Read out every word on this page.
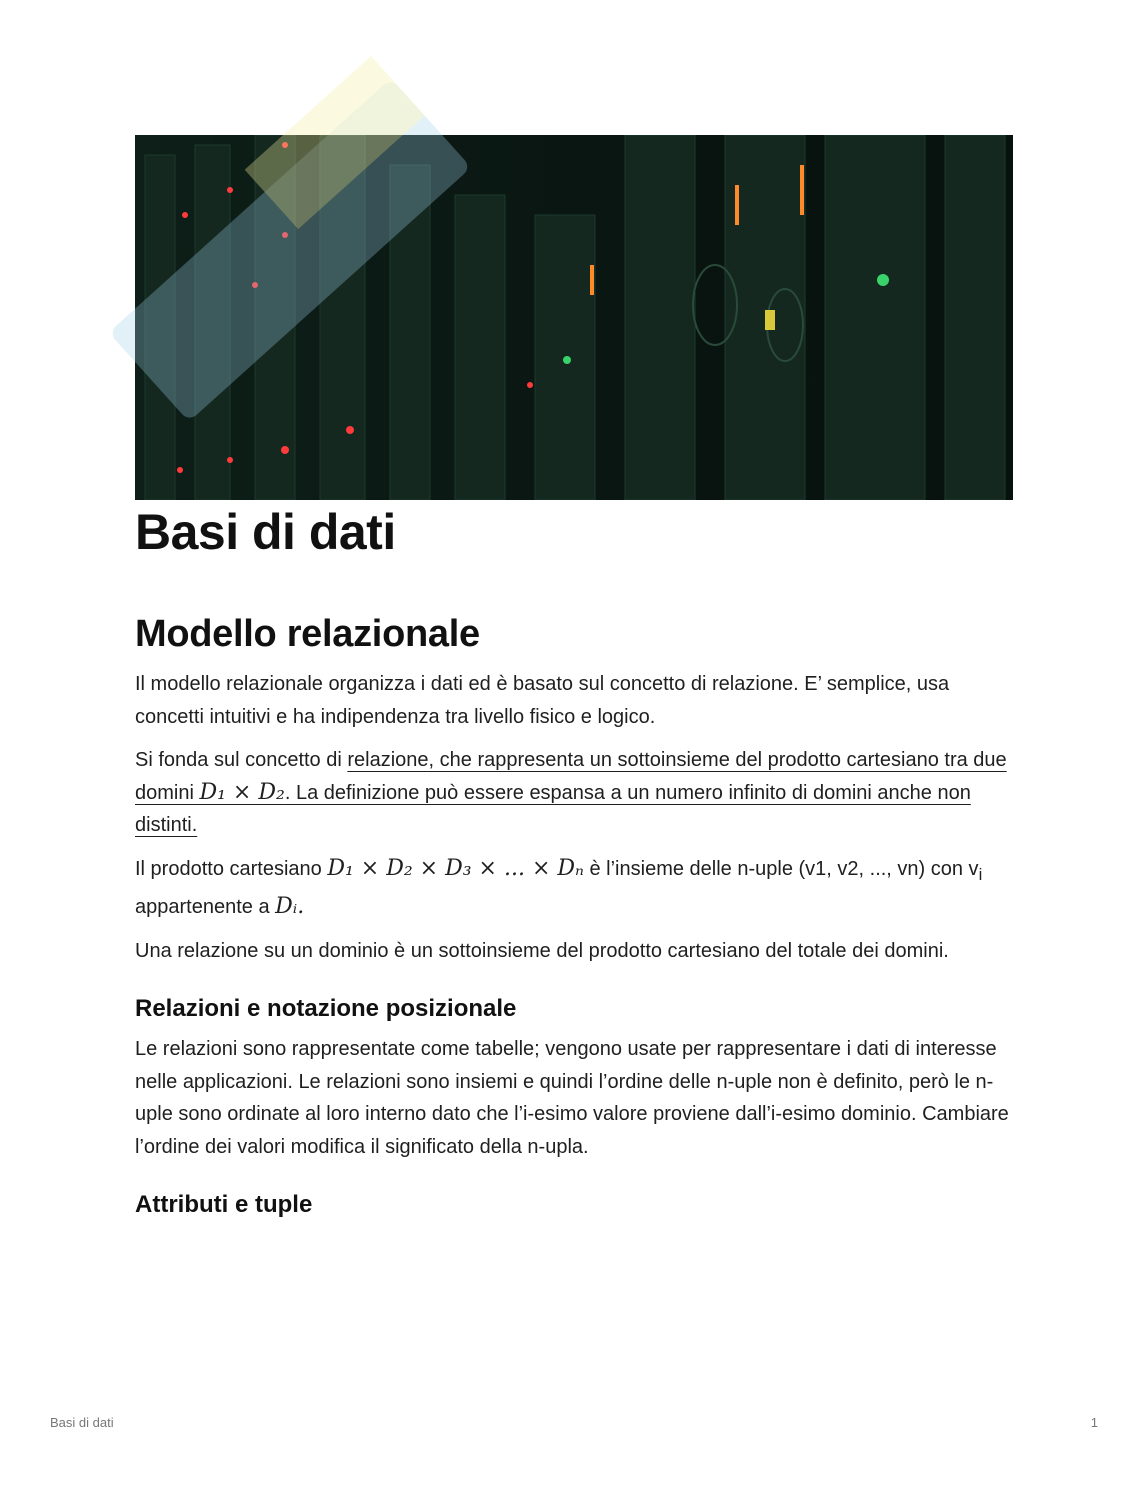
Basi di dati
Modello relazionale

Il modello relazionale organizza i dati ed è basato sul concetto di relazione. E’ semplice, usa concetti intuitivi e ha indipendenza tra livello fisico e logico.

Si fonda sul concetto di relazione, che rappresenta un sottoinsieme del prodotto cartesiano tra due domini D₁ × D₂. La definizione può essere espansa a un numero infinito di domini anche non distinti.

Il prodotto cartesiano D₁ × D₂ × D₃ × ... × Dₙ è l’insieme delle n-uple (v1, v2, ..., vn) con $v_i$ appartenente a Dᵢ.

Una relazione su un dominio è un sottoinsieme del prodotto cartesiano del totale dei domini.

Relazioni e notazione posizionale

Le relazioni sono rappresentate come tabelle; vengono usate per rappresentare i dati di interesse nelle applicazioni. Le relazioni sono insiemi e quindi l’ordine delle n-uple non è definito, però le n-uple sono ordinate al loro interno dato che l’i-esimo valore proviene dall’i-esimo dominio. Cambiare l’ordine dei valori modifica il significato della n-upla.

Attributi e tuple
Basi di dati	1
